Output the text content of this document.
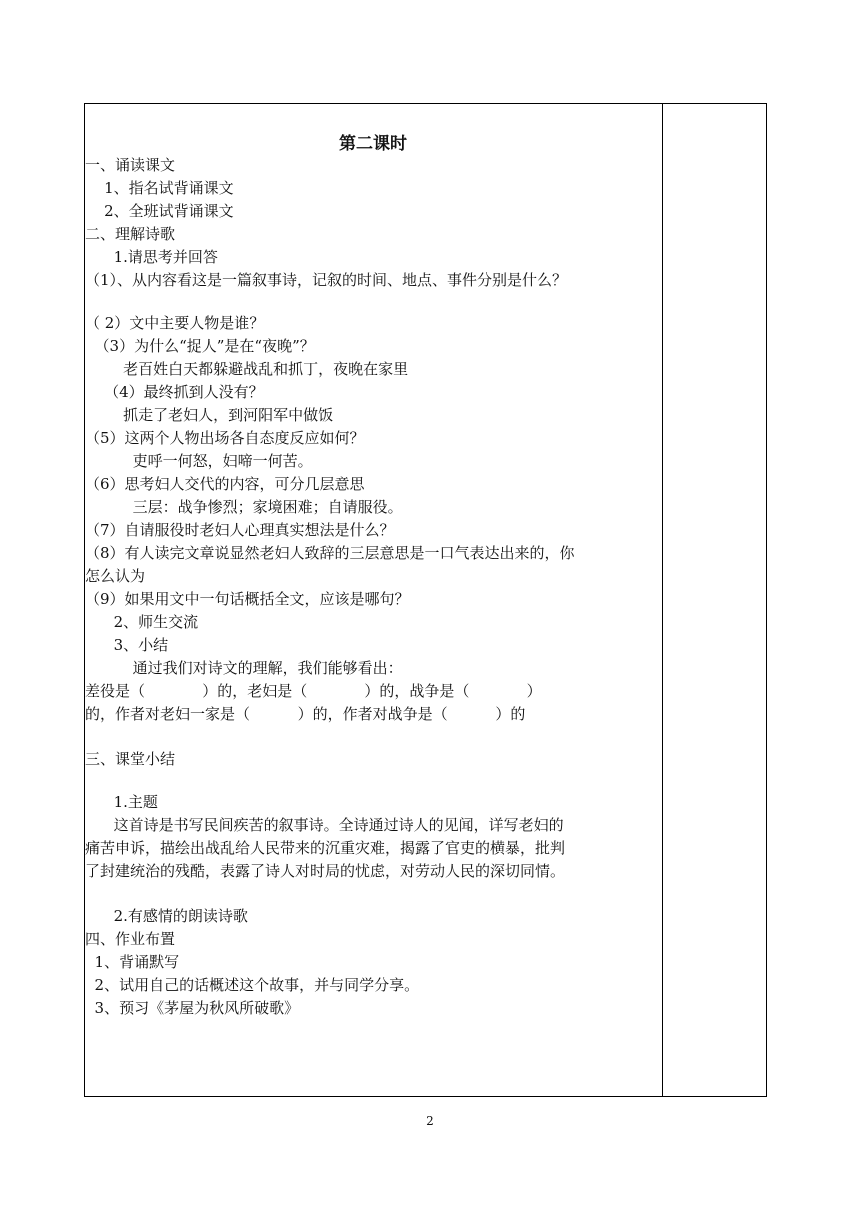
第二课时
一、诵读课文
1、指名试背诵课文
2、全班试背诵课文
二、理解诗歌
1.请思考并回答
（1）、从内容看这是一篇叙事诗，记叙的时间、地点、事件分别是什么？
（ 2）文中主要人物是谁？
（3）为什么“捉人”是在“夜晚”？
老百姓白天都躲避战乱和抓丁，夜晚在家里
（4）最终抓到人没有？
抓走了老妇人，到河阳军中做饭
（5）这两个人物出场各自态度反应如何？
吏呼一何怒，妇啼一何苦。
（6）思考妇人交代的内容，可分几层意思
三层：战争惨烈；家境困难；自请服役。
（7）自请服役时老妇人心理真实想法是什么？
（8）有人读完文章说显然老妇人致辞的三层意思是一口气表达出来的，你
怎么认为
（9）如果用文中一句话概括全文，应该是哪句？
2、师生交流
3、小结
通过我们对诗文的理解，我们能够看出：
差役是（            ）的，老妇是（            ）的，战争是（            ）
的，作者对老妇一家是（          ）的，作者对战争是（          ）的
三、课堂小结
1.主题
这首诗是书写民间疾苦的叙事诗。全诗通过诗人的见闻，详写老妇的
痛苦申诉，描绘出战乱给人民带来的沉重灾难，揭露了官吏的横暴，批判
了封建统治的残酷，表露了诗人对时局的忧虑，对劳动人民的深切同情。
2.有感情的朗读诗歌
四、作业布置
1、背诵默写
2、试用自己的话概述这个故事，并与同学分享。
3、预习《茅屋为秋风所破歌》
2
